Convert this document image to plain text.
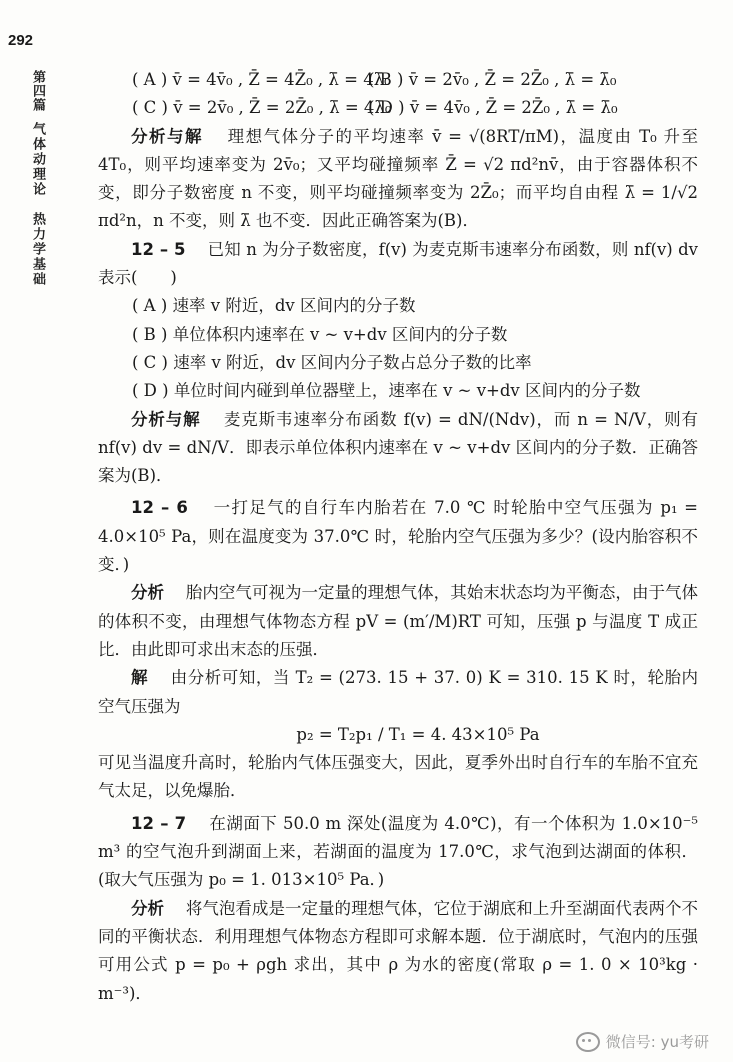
292
第四篇
气体动理论　热力学基础

( A ) v̄ = 4v̄₀ , Z̄ = 4Z̄₀ , λ̄ = 4λ̄₀
( B ) v̄ = 2v̄₀ , Z̄ = 2Z̄₀ , λ̄ = λ̄₀

( C ) v̄ = 2v̄₀ , Z̄ = 2Z̄₀ , λ̄ = 4λ̄₀
( D ) v̄ = 4v̄₀ , Z̄ = 2Z̄₀ , λ̄ = λ̄₀

分析与解　 理想气体分子的平均速率 v̄ = √(8RT/πM)，温度由 T₀ 升至 4T₀，则平均速率变为 2v̄₀；又平均碰撞频率 Z̄ = √2 πd²nv̄，由于容器体积不变，即分子数密度 n 不变，则平均碰撞频率变为 2Z̄₀；而平均自由程 λ̄ = 1/√2 πd²n，n 不变，则 λ̄ 也不变．因此正确答案为(B)．

12 – 5　 已知 n 为分子数密度，f(v) 为麦克斯韦速率分布函数，则 nf(v) dv 表示(　　)

( A ) 速率 v 附近，dv 区间内的分子数

( B ) 单位体积内速率在 v ~ v+dv 区间内的分子数

( C ) 速率 v 附近，dv 区间内分子数占总分子数的比率

( D ) 单位时间内碰到单位器壁上，速率在 v ~ v+dv 区间内的分子数

分析与解　 麦克斯韦速率分布函数 f(v) = dN/(Ndv)，而 n = N/V，则有 nf(v) dv = dN/V．即表示单位体积内速率在 v ~ v+dv 区间内的分子数．正确答案为(B)．

12 – 6　 一打足气的自行车内胎若在 7.0 ℃ 时轮胎中空气压强为 p₁ = 4.0×10⁵ Pa，则在温度变为 37.0℃ 时，轮胎内空气压强为多少？(设内胎容积不变．)

分析　 胎内空气可视为一定量的理想气体，其始末状态均为平衡态，由于气体的体积不变，由理想气体物态方程 pV = (m′/M)RT 可知，压强 p 与温度 T 成正比．由此即可求出末态的压强．

解　 由分析可知，当 T₂ = (273. 15 + 37. 0) K = 310. 15 K 时，轮胎内空气压强为

p₂ = T₂p₁ / T₁ = 4. 43×10⁵ Pa

可见当温度升高时，轮胎内气体压强变大，因此，夏季外出时自行车的车胎不宜充气太足，以免爆胎．

12 – 7　 在湖面下 50.0 m 深处(温度为 4.0℃)，有一个体积为 1.0×10⁻⁵ m³ 的空气泡升到湖面上来，若湖面的温度为 17.0℃，求气泡到达湖面的体积．(取大气压强为 p₀ = 1. 013×10⁵ Pa．)

分析　 将气泡看成是一定量的理想气体，它位于湖底和上升至湖面代表两个不同的平衡状态．利用理想气体物态方程即可求解本题．位于湖底时，气泡内的压强可用公式 p = p₀ + ρgh 求出，其中 ρ 为水的密度(常取 ρ = 1. 0 × 10³kg · m⁻³)．

微信号: yu考研
